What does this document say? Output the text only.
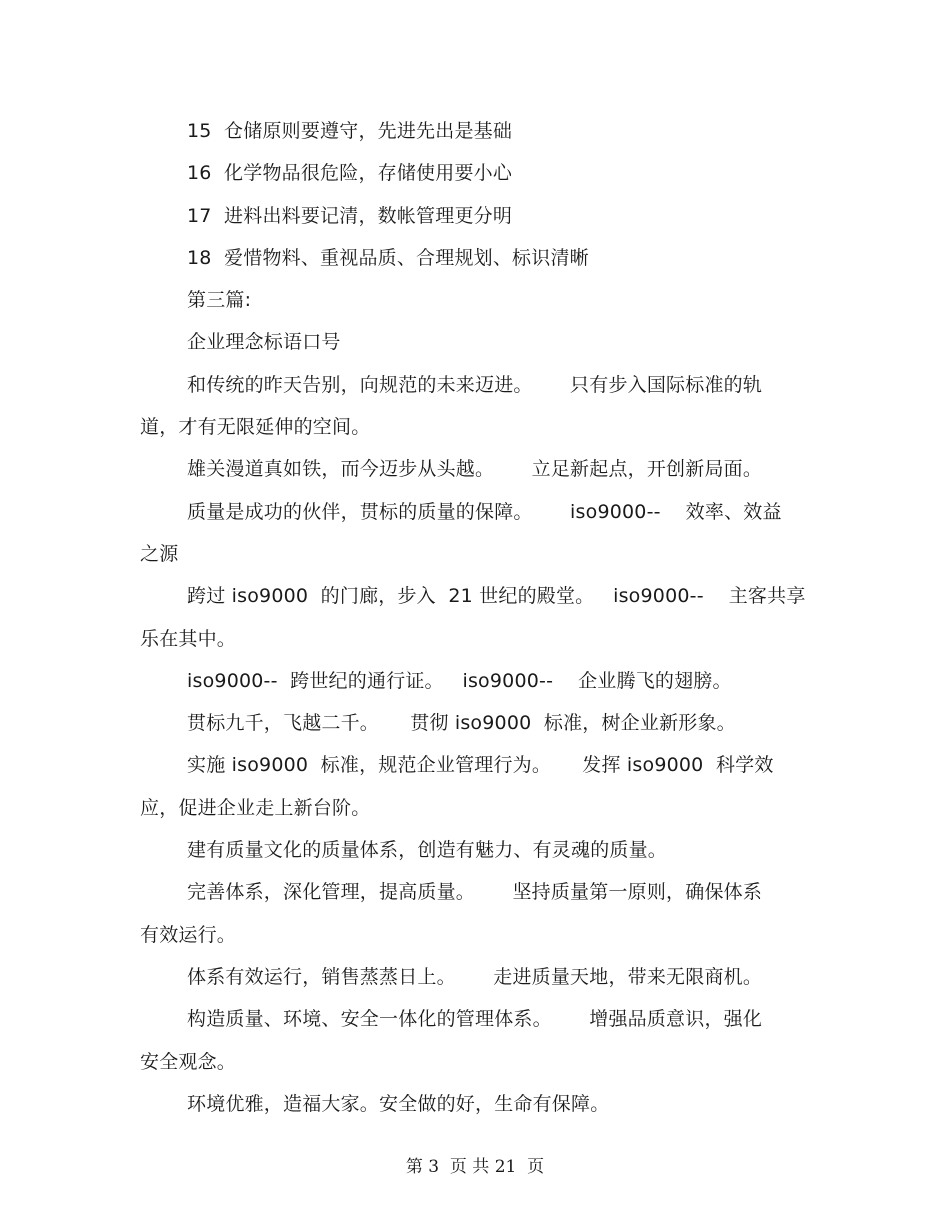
15  仓储原则要遵守，先进先出是基础
16  化学物品很危险，存储使用要小心
17  进料出料要记清，数帐管理更分明
18  爱惜物料、重视品质、合理规划、标识清晰
第三篇:
企业理念标语口号
和传统的昨天告别，向规范的未来迈进。      只有步入国际标准的轨
道，才有无限延伸的空间。
雄关漫道真如铁，而今迈步从头越。      立足新起点，开创新局面。
质量是成功的伙伴，贯标的质量的保障。      iso9000--    效率、效益
之源
跨过 iso9000  的门廊，步入  21 世纪的殿堂。   iso9000--    主客共享
乐在其中。
iso9000--  跨世纪的通行证。   iso9000--    企业腾飞的翅膀。
贯标九千，飞越二千。     贯彻 iso9000  标准，树企业新形象。
实施 iso9000  标准，规范企业管理行为。     发挥 iso9000  科学效
应，促进企业走上新台阶。
建有质量文化的质量体系，创造有魅力、有灵魂的质量。
完善体系，深化管理，提高质量。      坚持质量第一原则，确保体系
有效运行。
体系有效运行，销售蒸蒸日上。      走进质量天地，带来无限商机。
构造质量、环境、安全一体化的管理体系。      增强品质意识，强化
安全观念。
环境优雅，造福大家。安全做的好，生命有保障。
第 3  页 共 21  页
